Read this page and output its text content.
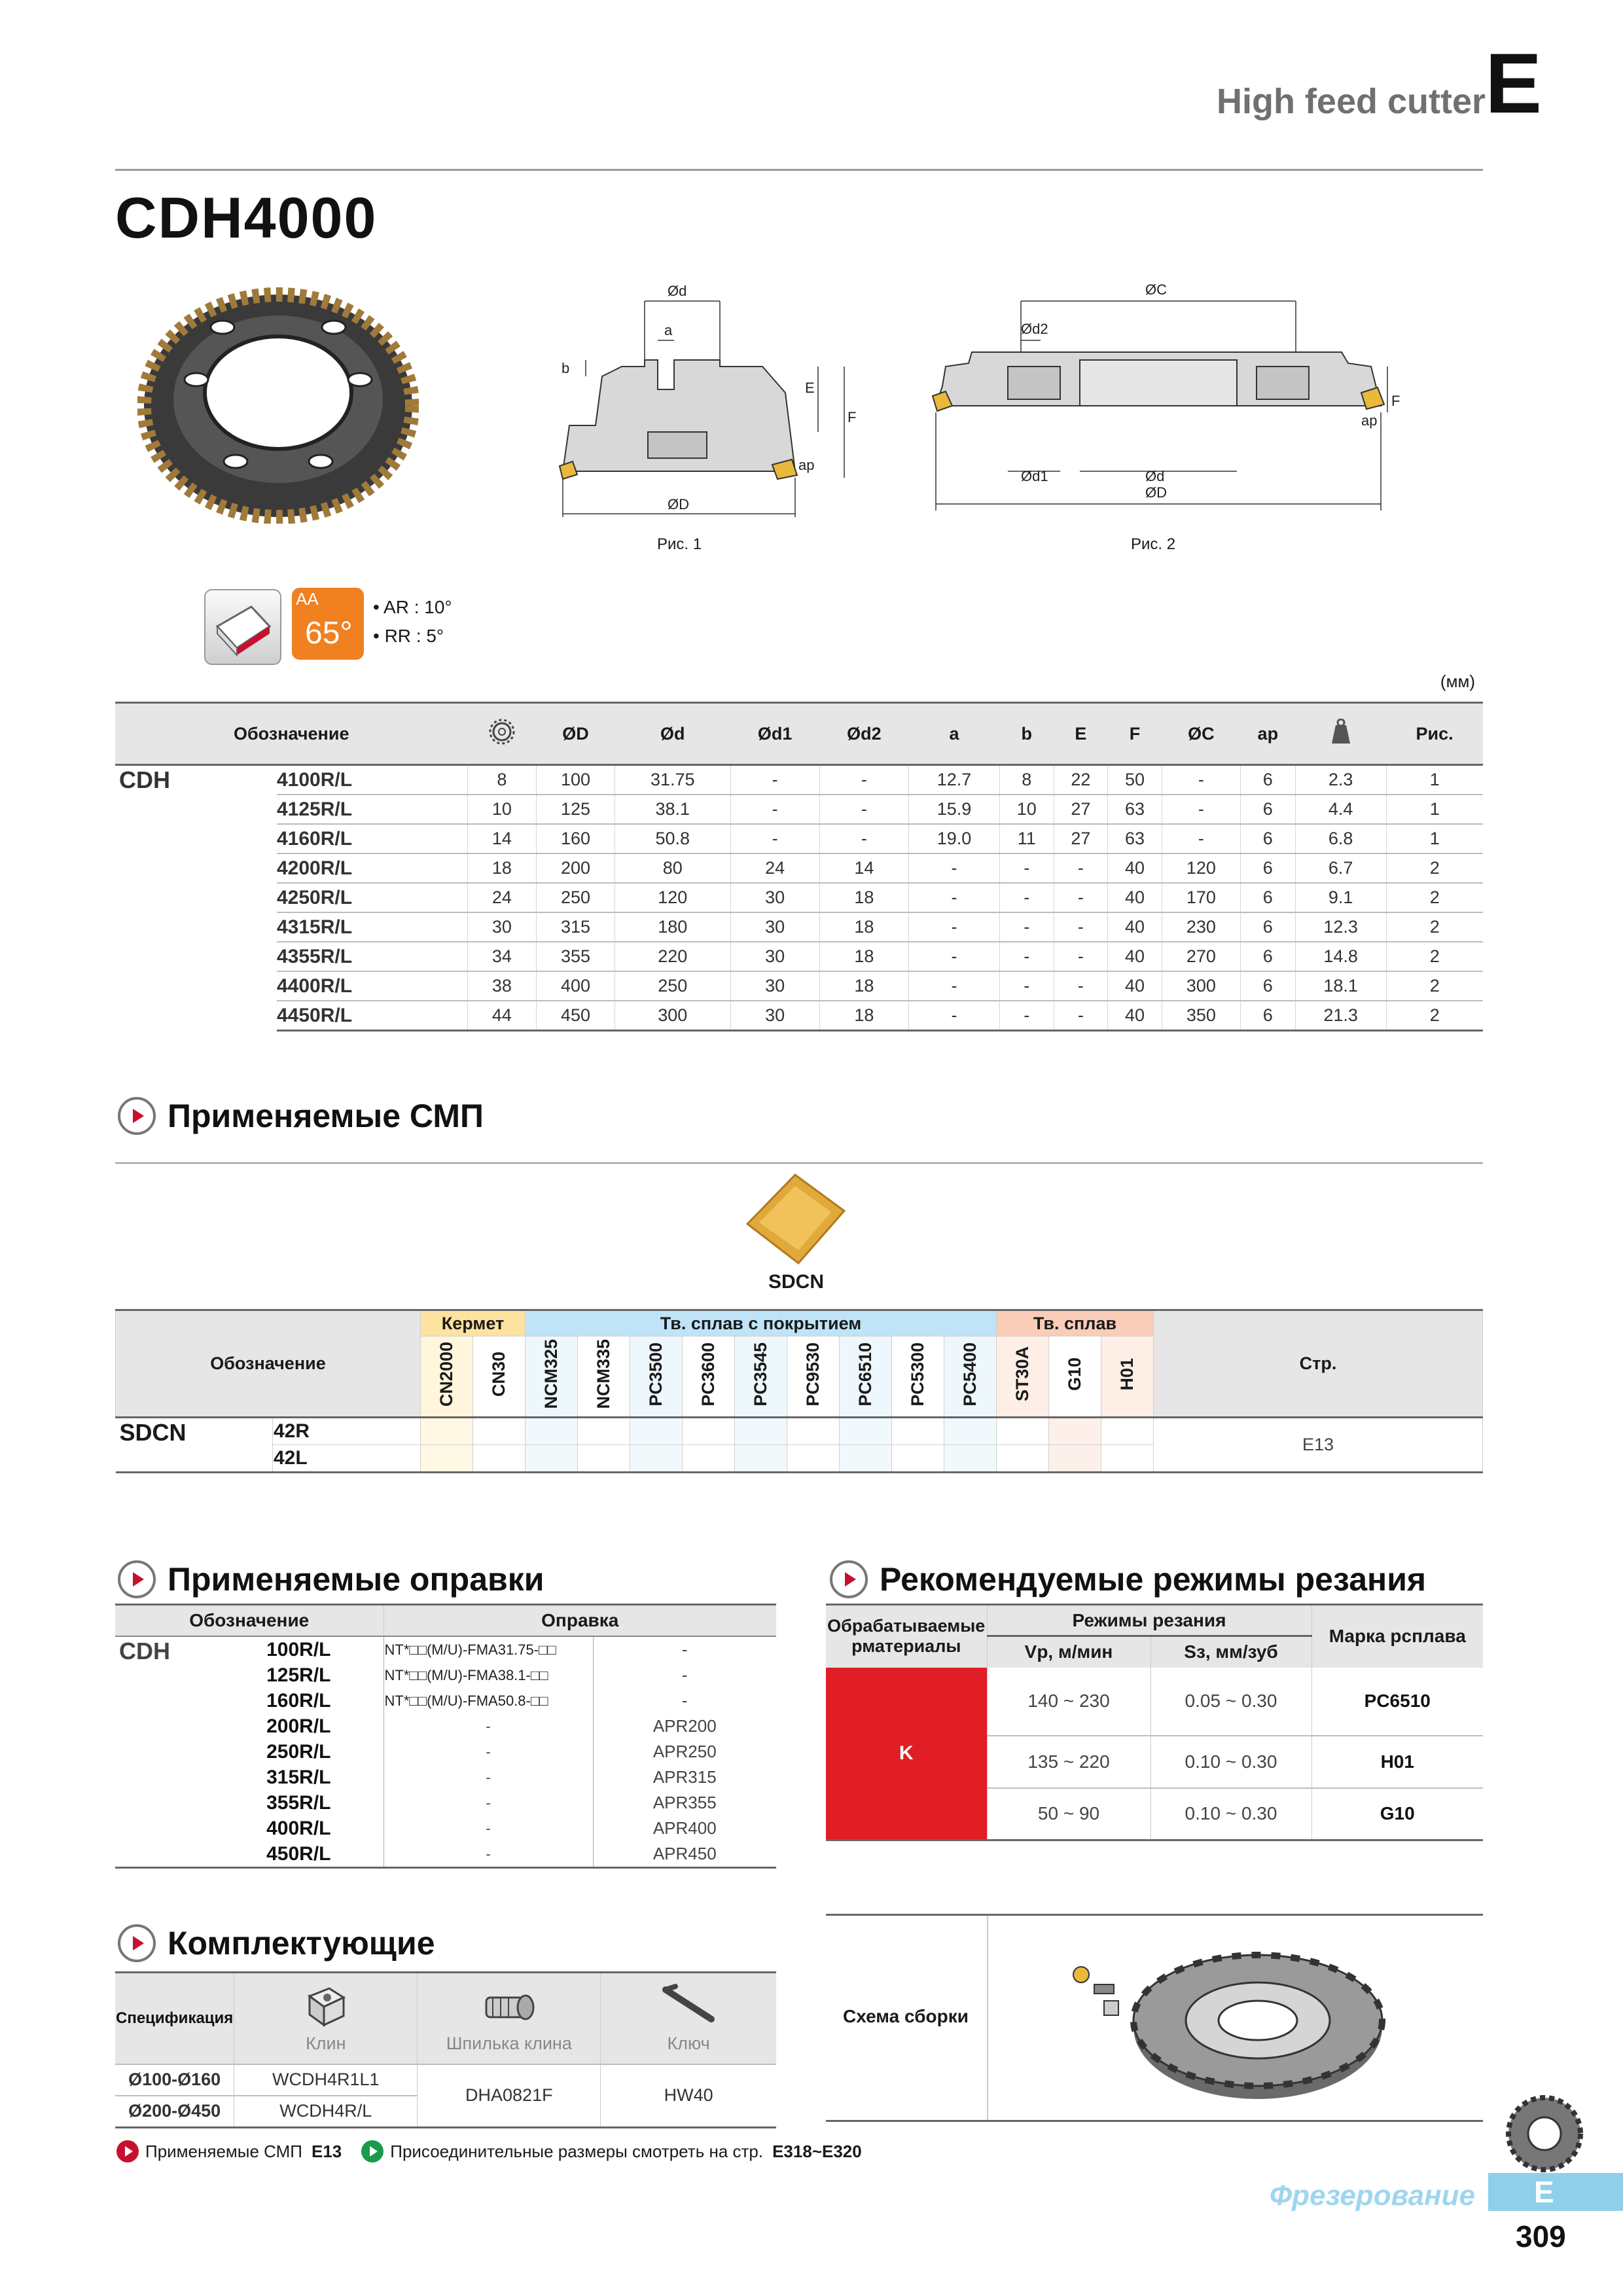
High feed cutter E
CDH4000
Ød
a
b
E
F
ap
ØD
Рис. 1
ØC
Ød2
F
ap
Ød1	Ød
ØD
Рис. 2
AA
65°
• AR : 10°
• RR : 5°
(мм)
Обозначение			ØD	Ød	Ød1	Ød2	a	b	E	F	ØC	ap		Рис.
CDH	4100R/L	8	100	31.75	-	-	12.7	8	22	50	-	6	2.3	1
	4125R/L	10	125	38.1	-	-	15.9	10	27	63	-	6	4.4	1
	4160R/L	14	160	50.8	-	-	19.0	11	27	63	-	6	6.8	1
	4200R/L	18	200	80	24	14	-	-	-	40	120	6	6.7	2
	4250R/L	24	250	120	30	18	-	-	-	40	170	6	9.1	2
	4315R/L	30	315	180	30	18	-	-	-	40	230	6	12.3	2
	4355R/L	34	355	220	30	18	-	-	-	40	270	6	14.8	2
	4400R/L	38	400	250	30	18	-	-	-	40	300	6	18.1	2
	4450R/L	44	450	300	30	18	-	-	-	40	350	6	21.3	2
Применяемые СМП
SDCN
Обозначение		Кермет		Тв. сплав с покрытием									Тв. сплав			Стр.
		CN2000	CN30	NCM325	NCM335	PC3500	PC3600	PC3545	PC9530	PC6510	PC5300	PC5400	ST30A	G10	H01	
SDCN	42R															E13
	42L															
Применяемые оправки
Обозначение		Оправка	
CDH	100R/L	NT*□□(M/U)-FMA31.75-□□	-
	125R/L	NT*□□(M/U)-FMA38.1-□□	-
	160R/L	NT*□□(M/U)-FMA50.8-□□	-
	200R/L	-	APR200
	250R/L	-	APR250
	315R/L	-	APR315
	355R/L	-	APR355
	400R/L	-	APR400
	450R/L	-	APR450
Рекомендуемые режимы резания
Обрабатываемые рматериалы	Режимы резания		Марка рсплава
	Vp, м/мин	Sз, мм/зуб	
K	140 ~ 230	0.05 ~ 0.30	PC6510
	135 ~ 220	0.10 ~ 0.30	H01
	50 ~ 90	0.10 ~ 0.30	G10
Схема сборки
Комплектующие
Спецификация	Клин	Шпилька клина	Ключ

Ø100-Ø160	WCDH4R1L1	DHA0821F	HW40
Ø200-Ø450	WCDH4R/L		
Применяемые СМП E13	Присоединительные размеры смотреть на стр. E318~E320
Фрезерование E
309
